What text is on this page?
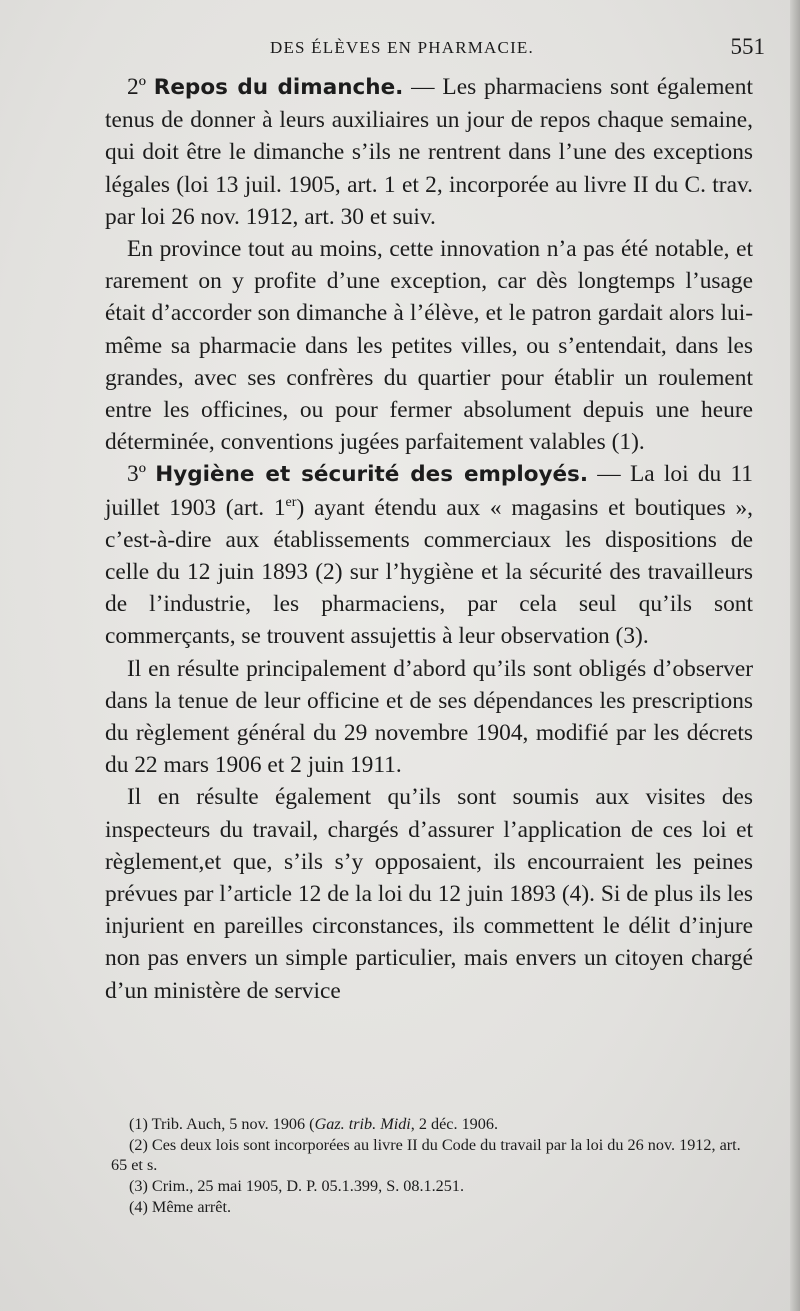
DES ÉLÈVES EN PHARMACIE.	551

2º Repos du dimanche. — Les pharmaciens sont également tenus de donner à leurs auxiliaires un jour de repos chaque semaine, qui doit être le dimanche s’ils ne rentrent dans l’une des exceptions légales (loi 13 juil. 1905, art. 1 et 2, incorporée au livre II du C. trav. par loi 26 nov. 1912, art. 30 et suiv.

En province tout au moins, cette innovation n’a pas été notable, et rarement on y profite d’une exception, car dès longtemps l’usage était d’accorder son dimanche à l’élève, et le patron gardait alors lui-même sa pharmacie dans les petites villes, ou s’entendait, dans les grandes, avec ses confrères du quartier pour établir un roulement entre les officines, ou pour fermer absolument depuis une heure déterminée, conventions jugées parfaitement valables (1).

3º Hygiène et sécurité des employés. — La loi du 11 juillet 1903 (art. 1er) ayant étendu aux « magasins et boutiques », c’est-à-dire aux établissements commerciaux les dispositions de celle du 12 juin 1893 (2) sur l’hygiène et la sécurité des travailleurs de l’industrie, les pharmaciens, par cela seul qu’ils sont commerçants, se trouvent assujettis à leur observation (3).

Il en résulte principalement d’abord qu’ils sont obligés d’observer dans la tenue de leur officine et de ses dépendances les prescriptions du règlement général du 29 novembre 1904, modifié par les décrets du 22 mars 1906 et 2 juin 1911.

Il en résulte également qu’ils sont soumis aux visites des inspecteurs du travail, chargés d’assurer l’application de ces loi et règlement,et que, s’ils s’y opposaient, ils encourraient les peines prévues par l’article 12 de la loi du 12 juin 1893 (4). Si de plus ils les injurient en pareilles circonstances, ils commettent le délit d’injure non pas envers un simple particulier, mais envers un citoyen chargé d’un ministère de service

(1) Trib. Auch, 5 nov. 1906 (Gaz. trib. Midi, 2 déc. 1906.

(2) Ces deux lois sont incorporées au livre II du Code du travail par la loi du 26 nov. 1912, art. 65 et s.

(3) Crim., 25 mai 1905, D. P. 05.1.399, S. 08.1.251.

(4) Même arrêt.
